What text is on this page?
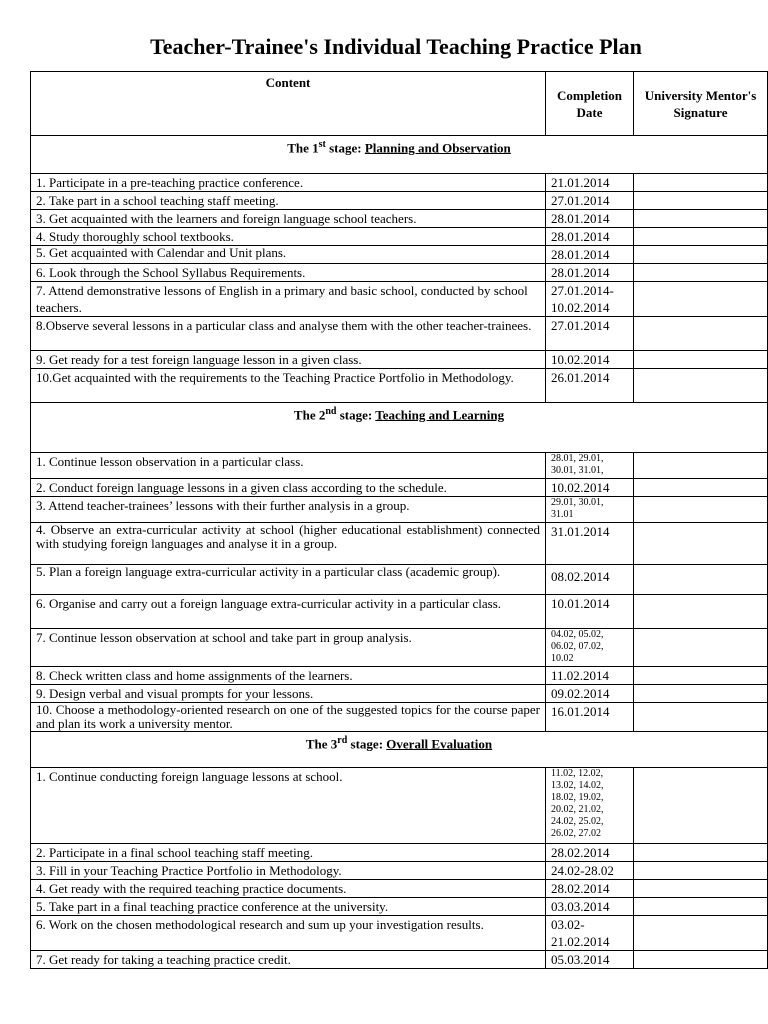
Teacher-Trainee's Individual Teaching Practice Plan
Content	Completion Date	University Mentor's Signature
The 1st stage: Planning and Observation		
1. Participate in a pre-teaching practice conference.	21.01.2014	
2. Take part in a school teaching staff meeting.	27.01.2014	
3. Get acquainted with the learners and foreign language school teachers.	28.01.2014	
4. Study thoroughly school textbooks.	28.01.2014	
5. Get acquainted with Calendar and Unit plans.	28.01.2014	
6. Look through the School Syllabus Requirements.	28.01.2014	
7. Attend demonstrative lessons of English in a primary and basic school, conducted by school teachers.	27.01.2014- 10.02.2014	
8.Observe several lessons in a particular class and analyse them with the other teacher-trainees.	27.01.2014	
9. Get ready for a test foreign language lesson in a given class.	10.02.2014	
10.Get acquainted with the requirements to the Teaching Practice Portfolio in Methodology.	26.01.2014	
The 2nd stage: Teaching and Learning		
1. Continue lesson observation in a particular class.	28.01, 29.01, 30.01, 31.01,	
2. Conduct foreign language lessons in a given class according to the schedule.	10.02.2014	
3. Attend teacher-trainees’ lessons with their further analysis in a group.	29.01, 30.01, 31.01	
4. Observe an extra-curricular activity at school (higher educational establishment) connected with studying foreign languages and analyse it in a group.	31.01.2014	
5. Plan a foreign language extra-curricular activity in a particular class (academic group).	08.02.2014	
6. Organise and carry out a foreign language extra-curricular activity in a particular class.	10.01.2014	
7. Continue lesson observation at school and take part in group analysis.	04.02, 05.02, 06.02, 07.02, 10.02	
8. Check written class and home assignments of the learners.	11.02.2014	
9. Design verbal and visual prompts for your lessons.	09.02.2014	
10. Choose a methodology-oriented research on one of the suggested topics for the course paper and plan its work a university mentor.	16.01.2014	
The 3rd stage: Overall Evaluation		
1. Continue conducting foreign language lessons at school.	11.02, 12.02, 13.02, 14.02, 18.02, 19.02, 20.02, 21.02, 24.02, 25.02, 26.02, 27.02	
2. Participate in a final school teaching staff meeting.	28.02.2014	
3. Fill in your Teaching Practice Portfolio in Methodology.	24.02-28.02	
4. Get ready with the required teaching practice documents.	28.02.2014	
5. Take part in a final teaching practice conference at the university.	03.03.2014	
6. Work on the chosen methodological research and sum up your investigation results.	03.02- 21.02.2014	
7. Get ready for taking a teaching practice credit.	05.03.2014	
